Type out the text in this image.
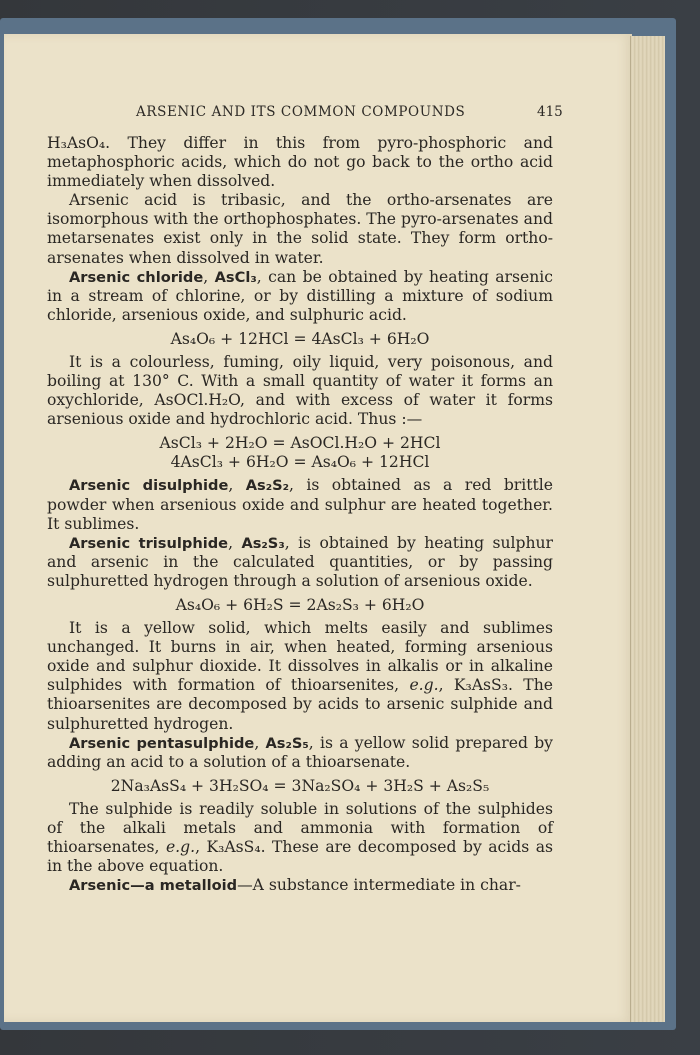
ARSENIC AND ITS COMMON COMPOUNDS	415

H₃AsO₄. They differ in this from pyro-phosphoric and metaphosphoric acids, which do not go back to the ortho acid immediately when dissolved.

Arsenic acid is tribasic, and the ortho-arsenates are isomorphous with the orthophosphates. The pyro-arsenates and metarsenates exist only in the solid state. They form ortho-arsenates when dissolved in water.

Arsenic chloride, AsCl₃, can be obtained by heating arsenic in a stream of chlorine, or by distilling a mixture of sodium chloride, arsenious oxide, and sulphuric acid.

As₄O₆ + 12HCl = 4AsCl₃ + 6H₂O

It is a colourless, fuming, oily liquid, very poisonous, and boiling at 130° C. With a small quantity of water it forms an oxychloride, AsOCl.H₂O, and with excess of water it forms arsenious oxide and hydrochloric acid. Thus :—

AsCl₃ + 2H₂O = AsOCl.H₂O + 2HCl
4AsCl₃ + 6H₂O = As₄O₆ + 12HCl

Arsenic disulphide, As₂S₂, is obtained as a red brittle powder when arsenious oxide and sulphur are heated together. It sublimes.

Arsenic trisulphide, As₂S₃, is obtained by heating sulphur and arsenic in the calculated quantities, or by passing sulphuretted hydrogen through a solution of arsenious oxide.

As₄O₆ + 6H₂S = 2As₂S₃ + 6H₂O

It is a yellow solid, which melts easily and sublimes unchanged. It burns in air, when heated, forming arsenious oxide and sulphur dioxide. It dissolves in alkalis or in alkaline sulphides with formation of thioarsenites, e.g., K₃AsS₃. The thioarsenites are decomposed by acids to arsenic sulphide and sulphuretted hydrogen.

Arsenic pentasulphide, As₂S₅, is a yellow solid prepared by adding an acid to a solution of a thioarsenate.

2Na₃AsS₄ + 3H₂SO₄ = 3Na₂SO₄ + 3H₂S + As₂S₅

The sulphide is readily soluble in solutions of the sulphides of the alkali metals and ammonia with formation of thioarsenates, e.g., K₃AsS₄. These are decomposed by acids as in the above equation.

Arsenic—a metalloid—A substance intermediate in char-
